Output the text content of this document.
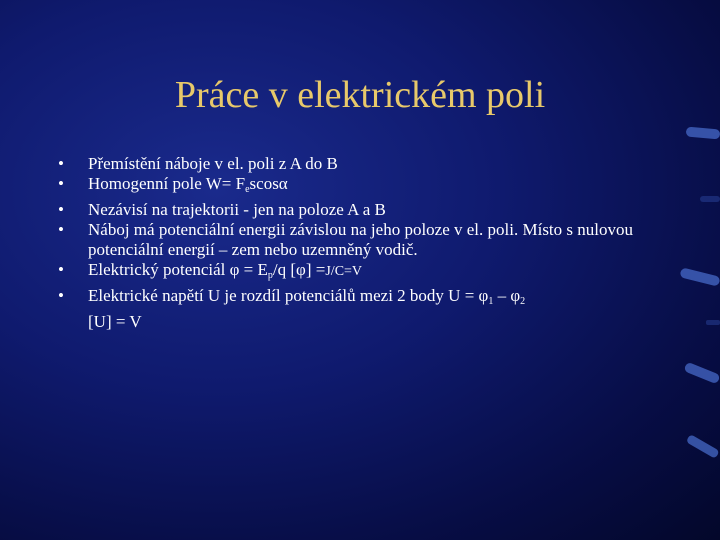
Práce v elektrickém poli
•	Přemístění náboje v el. poli z A do B
•	Homogenní pole $W= F_escos\alpha$
•	Nezávisí na trajektorii - jen na poloze A a B
•	Náboj má potenciální energii závislou na jeho poloze v el. poli. Místo s nulovou potenciální energií – zem nebo uzemněný vodič.
•	Elektrický potenciál $\varphi = E_p/q$ [φ] =J/C=V
•	Elektrické napětí U je rozdíl potenciálů mezi 2 body $U = \varphi_1 - \varphi_2$
[U] = V
